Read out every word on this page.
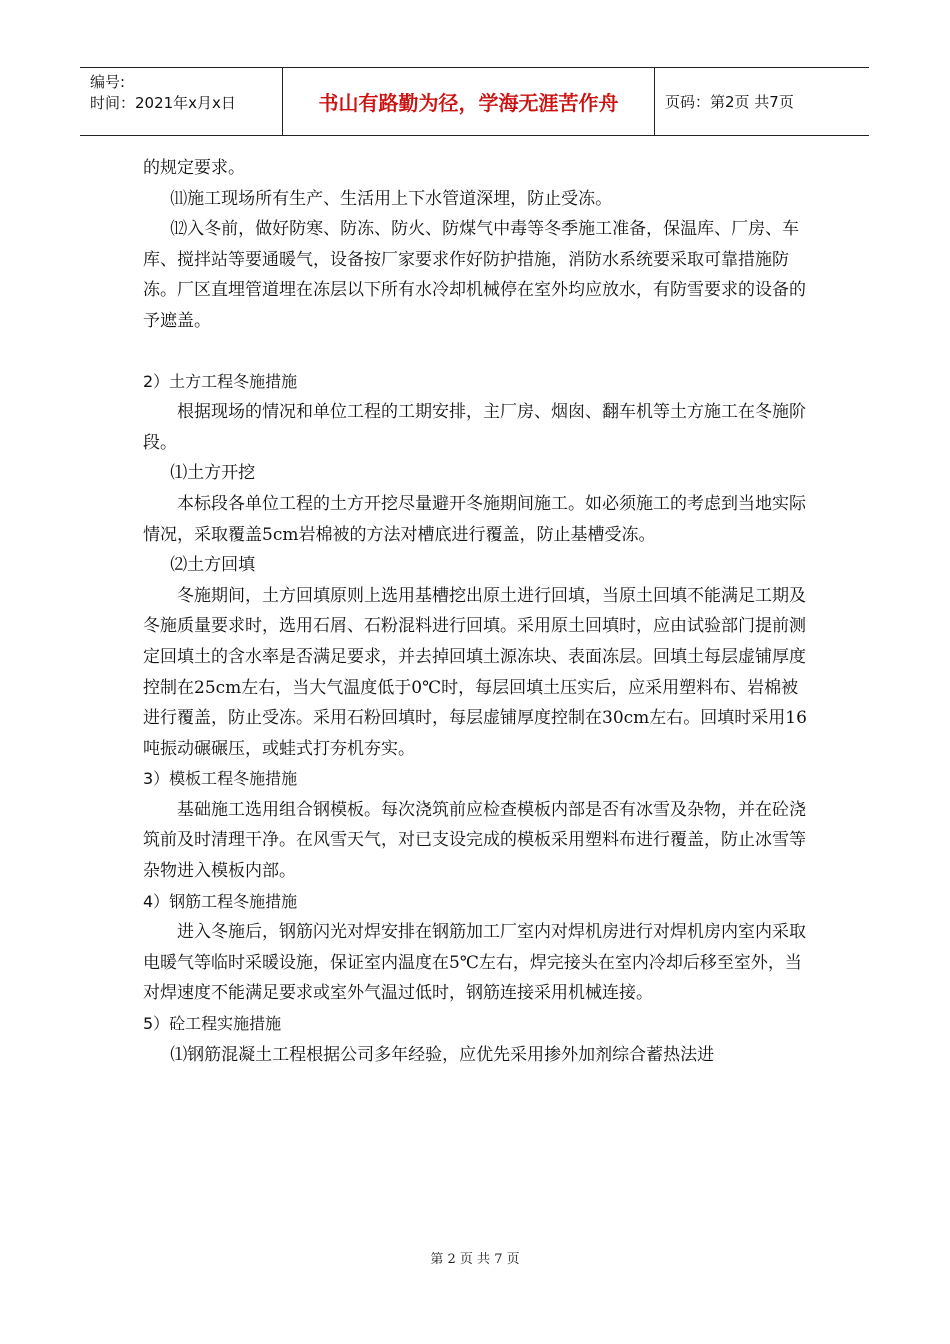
编号:
时间：2021年x月x日	书山有路勤为径，学海无涯苦作舟	页码：第2页 共7页

的规定要求。

⑾施工现场所有生产、生活用上下水管道深埋，防止受冻。

⑿入冬前，做好防寒、防冻、防火、防煤气中毒等冬季施工准备，保温库、厂房、车库、搅拌站等要通暖气，设备按厂家要求作好防护措施，消防水系统要采取可靠措施防冻。厂区直埋管道埋在冻层以下所有水冷却机械停在室外均应放水，有防雪要求的设备的予遮盖。

2）土方工程冬施措施

根据现场的情况和单位工程的工期安排，主厂房、烟囱、翻车机等土方施工在冬施阶段。

⑴土方开挖

本标段各单位工程的土方开挖尽量避开冬施期间施工。如必须施工的考虑到当地实际情况，采取覆盖5cm岩棉被的方法对槽底进行覆盖，防止基槽受冻。

⑵土方回填

冬施期间，土方回填原则上选用基槽挖出原土进行回填，当原土回填不能满足工期及冬施质量要求时，选用石屑、石粉混料进行回填。采用原土回填时，应由试验部门提前测定回填土的含水率是否满足要求，并去掉回填土源冻块、表面冻层。回填土每层虚铺厚度控制在25cm左右，当大气温度低于0℃时，每层回填土压实后，应采用塑料布、岩棉被进行覆盖，防止受冻。采用石粉回填时，每层虚铺厚度控制在30cm左右。回填时采用16吨振动碾碾压，或蛙式打夯机夯实。

3）模板工程冬施措施

基础施工选用组合钢模板。每次浇筑前应检查模板内部是否有冰雪及杂物，并在砼浇筑前及时清理干净。在风雪天气，对已支设完成的模板采用塑料布进行覆盖，防止冰雪等杂物进入模板内部。

4）钢筋工程冬施措施

进入冬施后，钢筋闪光对焊安排在钢筋加工厂室内对焊机房进行对焊机房内室内采取电暖气等临时采暖设施，保证室内温度在5℃左右，焊完接头在室内冷却后移至室外，当对焊速度不能满足要求或室外气温过低时，钢筋连接采用机械连接。

5）砼工程实施措施

⑴钢筋混凝土工程根据公司多年经验，应优先采用掺外加剂综合蓄热法进

第 2 页 共 7 页
